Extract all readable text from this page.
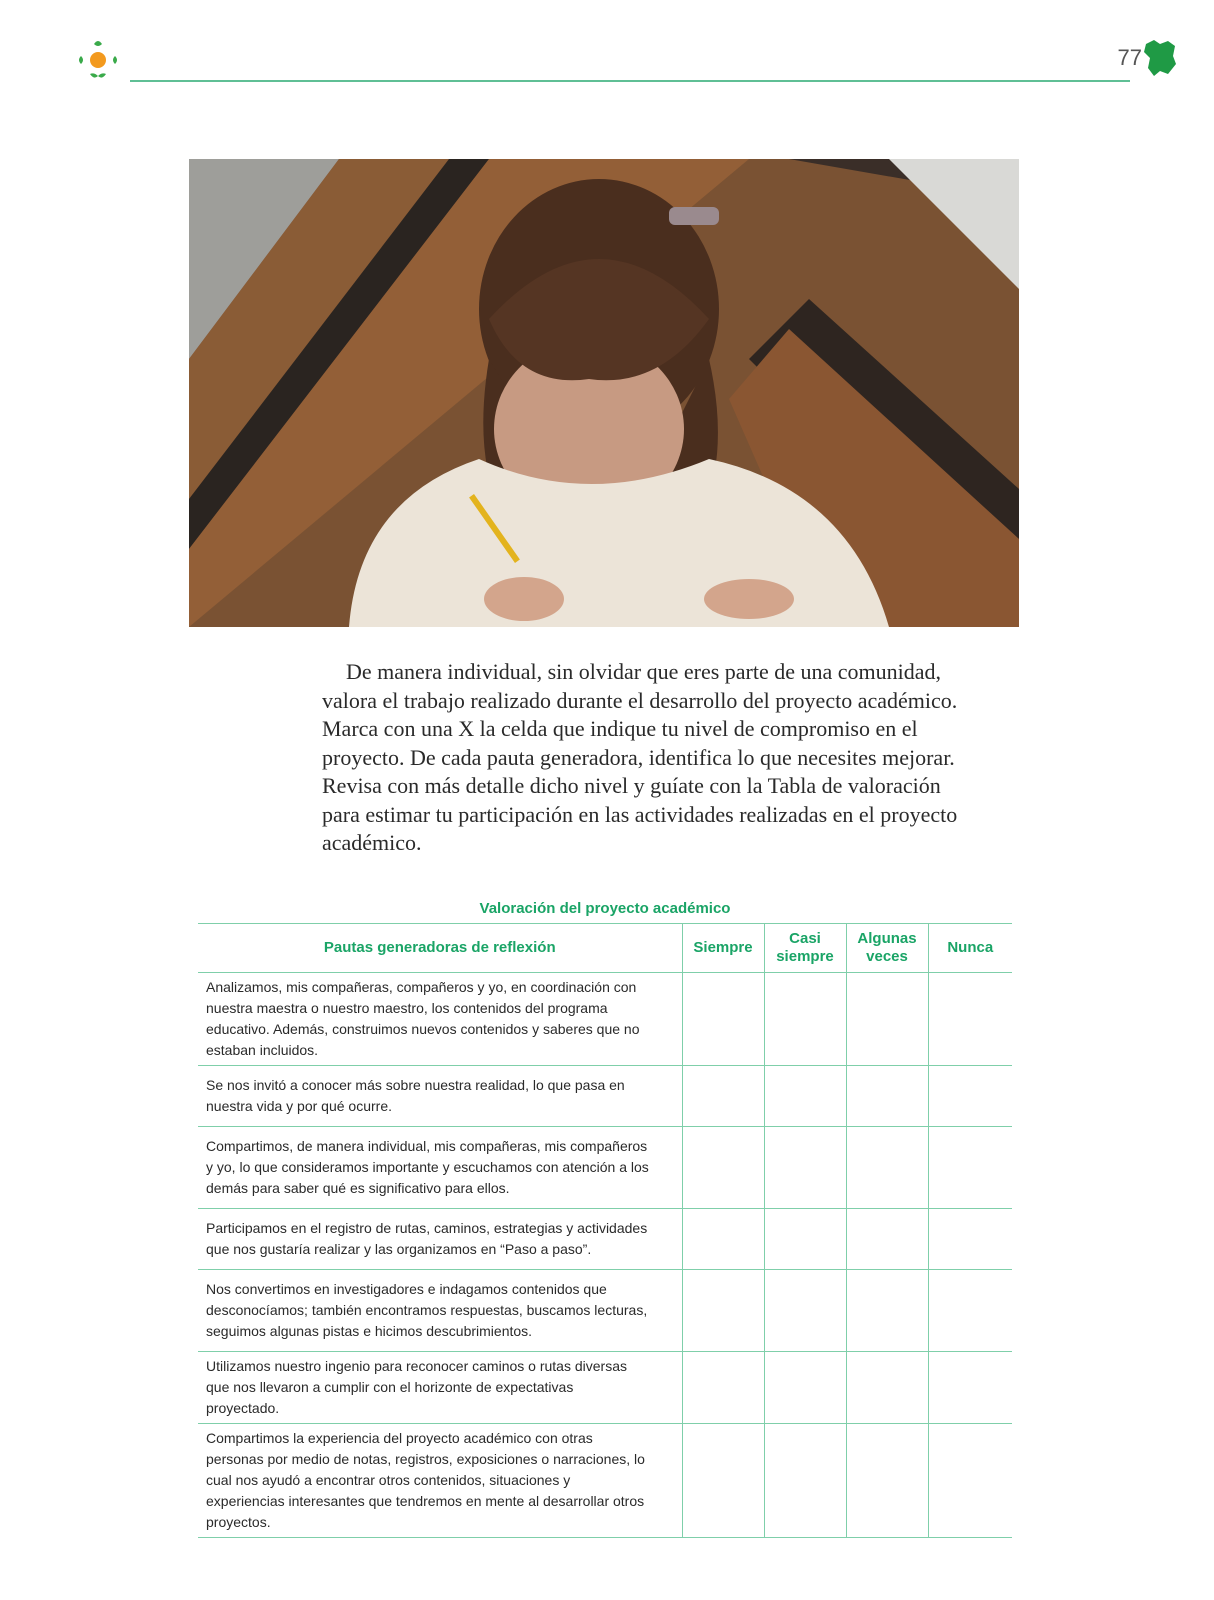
77

De manera individual, sin olvidar que eres parte de una comunidad, valora el trabajo realizado durante el desarrollo del proyecto académico. Marca con una X la celda que indique tu nivel de compromiso en el proyecto. De cada pauta generadora, identifica lo que necesites mejorar. Revisa con más detalle dicho nivel y guíate con la Tabla de valoración para estimar tu participación en las actividades realizadas en el proyecto académico.

Valoración del proyecto académico
Pautas generadoras de reflexión	Siempre	Casi siempre	Algunas veces	Nunca
Analizamos, mis compañeras, compañeros y yo, en coordinación con nuestra maestra o nuestro maestro, los contenidos del programa educativo. Además, construimos nuevos contenidos y saberes que no estaban incluidos.				
Se nos invitó a conocer más sobre nuestra realidad, lo que pasa en nuestra vida y por qué ocurre.				
Compartimos, de manera individual, mis compañeras, mis compañeros y yo, lo que consideramos importante y escuchamos con atención a los demás para saber qué es significativo para ellos.				
Participamos en el registro de rutas, caminos, estrategias y actividades que nos gustaría realizar y las organizamos en “Paso a paso”.				
Nos convertimos en investigadores e indagamos contenidos que desconocíamos; también encontramos respuestas, buscamos lecturas, seguimos algunas pistas e hicimos descubrimientos.				
Utilizamos nuestro ingenio para reconocer caminos o rutas diversas que nos llevaron a cumplir con el horizonte de expectativas proyectado.				
Compartimos la experiencia del proyecto académico con otras personas por medio de notas, registros, exposiciones o narraciones, lo cual nos ayudó a encontrar otros contenidos, situaciones y experiencias interesantes que tendremos en mente al desarrollar otros proyectos.				
